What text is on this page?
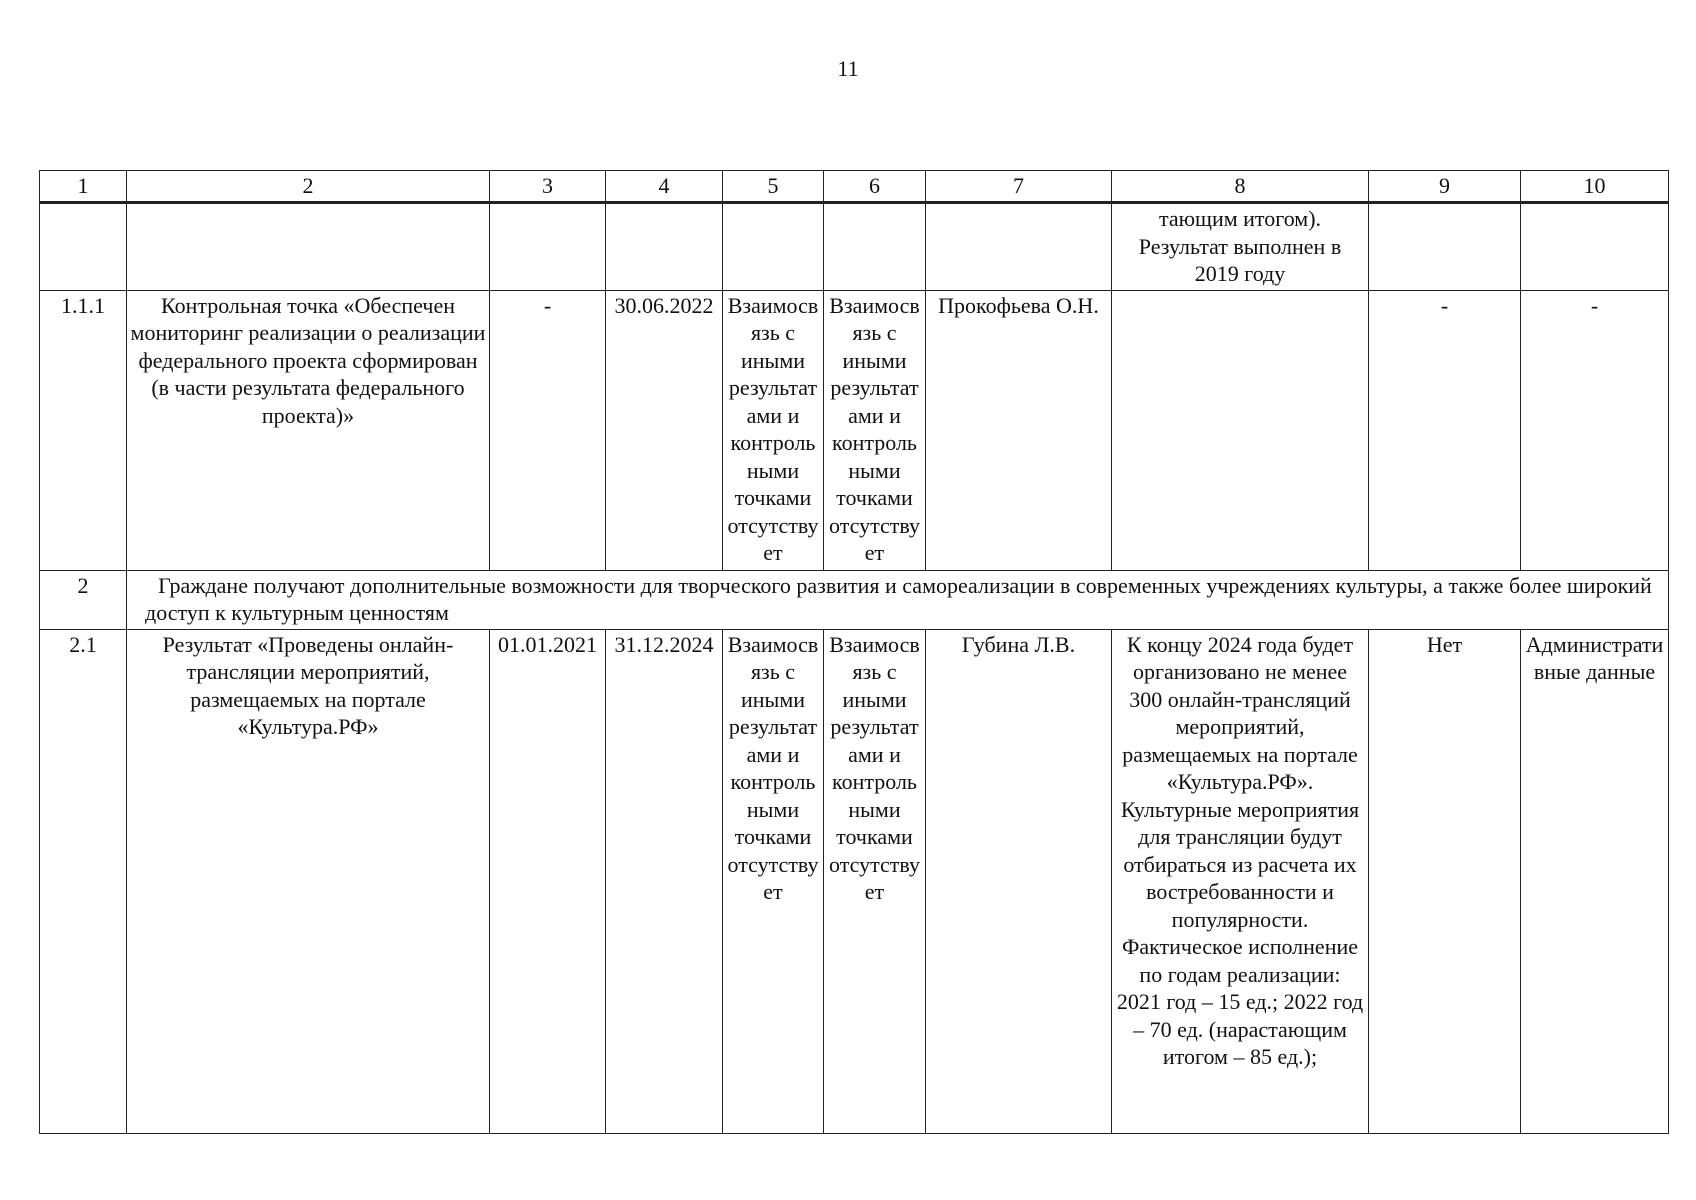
11
1	2	3	4	5	6	7	8	9	10
							тающим итогом). Результат выполнен в 2019 году		
1.1.1	Контрольная точка «Обеспечен мониторинг реализации о реализации федерального проекта сформирован (в части результата федерального проекта)»	-	30.06.2022	Взаимосвязь с иными результатами и контрольными точками отсутствует	Взаимосвязь с иными результатами и контрольными точками отсутствует	Прокофьева О.Н.		-	-
2	Граждане получают дополнительные возможности для творческого развития и самореализации в современных учреждениях культуры, а также более широкий доступ к культурным ценностям								
2.1	Результат «Проведены онлайн-трансляции мероприятий, размещаемых на портале «Культура.РФ»	01.01.2021	31.12.2024	Взаимосвязь с иными результатами и контрольными точками отсутствует	Взаимосвязь с иными результатами и контрольными точками отсутствует	Губина Л.В.	К концу 2024 года будет организовано не менее 300 онлайн-трансляций мероприятий, размещаемых на портале «Культура.РФ». Культурные мероприятия для трансляции будут отбираться из расчета их востребованности и популярности. Фактическое исполнение по годам реализации: 2021 год – 15 ед.; 2022 год – 70 ед. (нарастающим итогом – 85 ед.);	Нет	Административные данные
